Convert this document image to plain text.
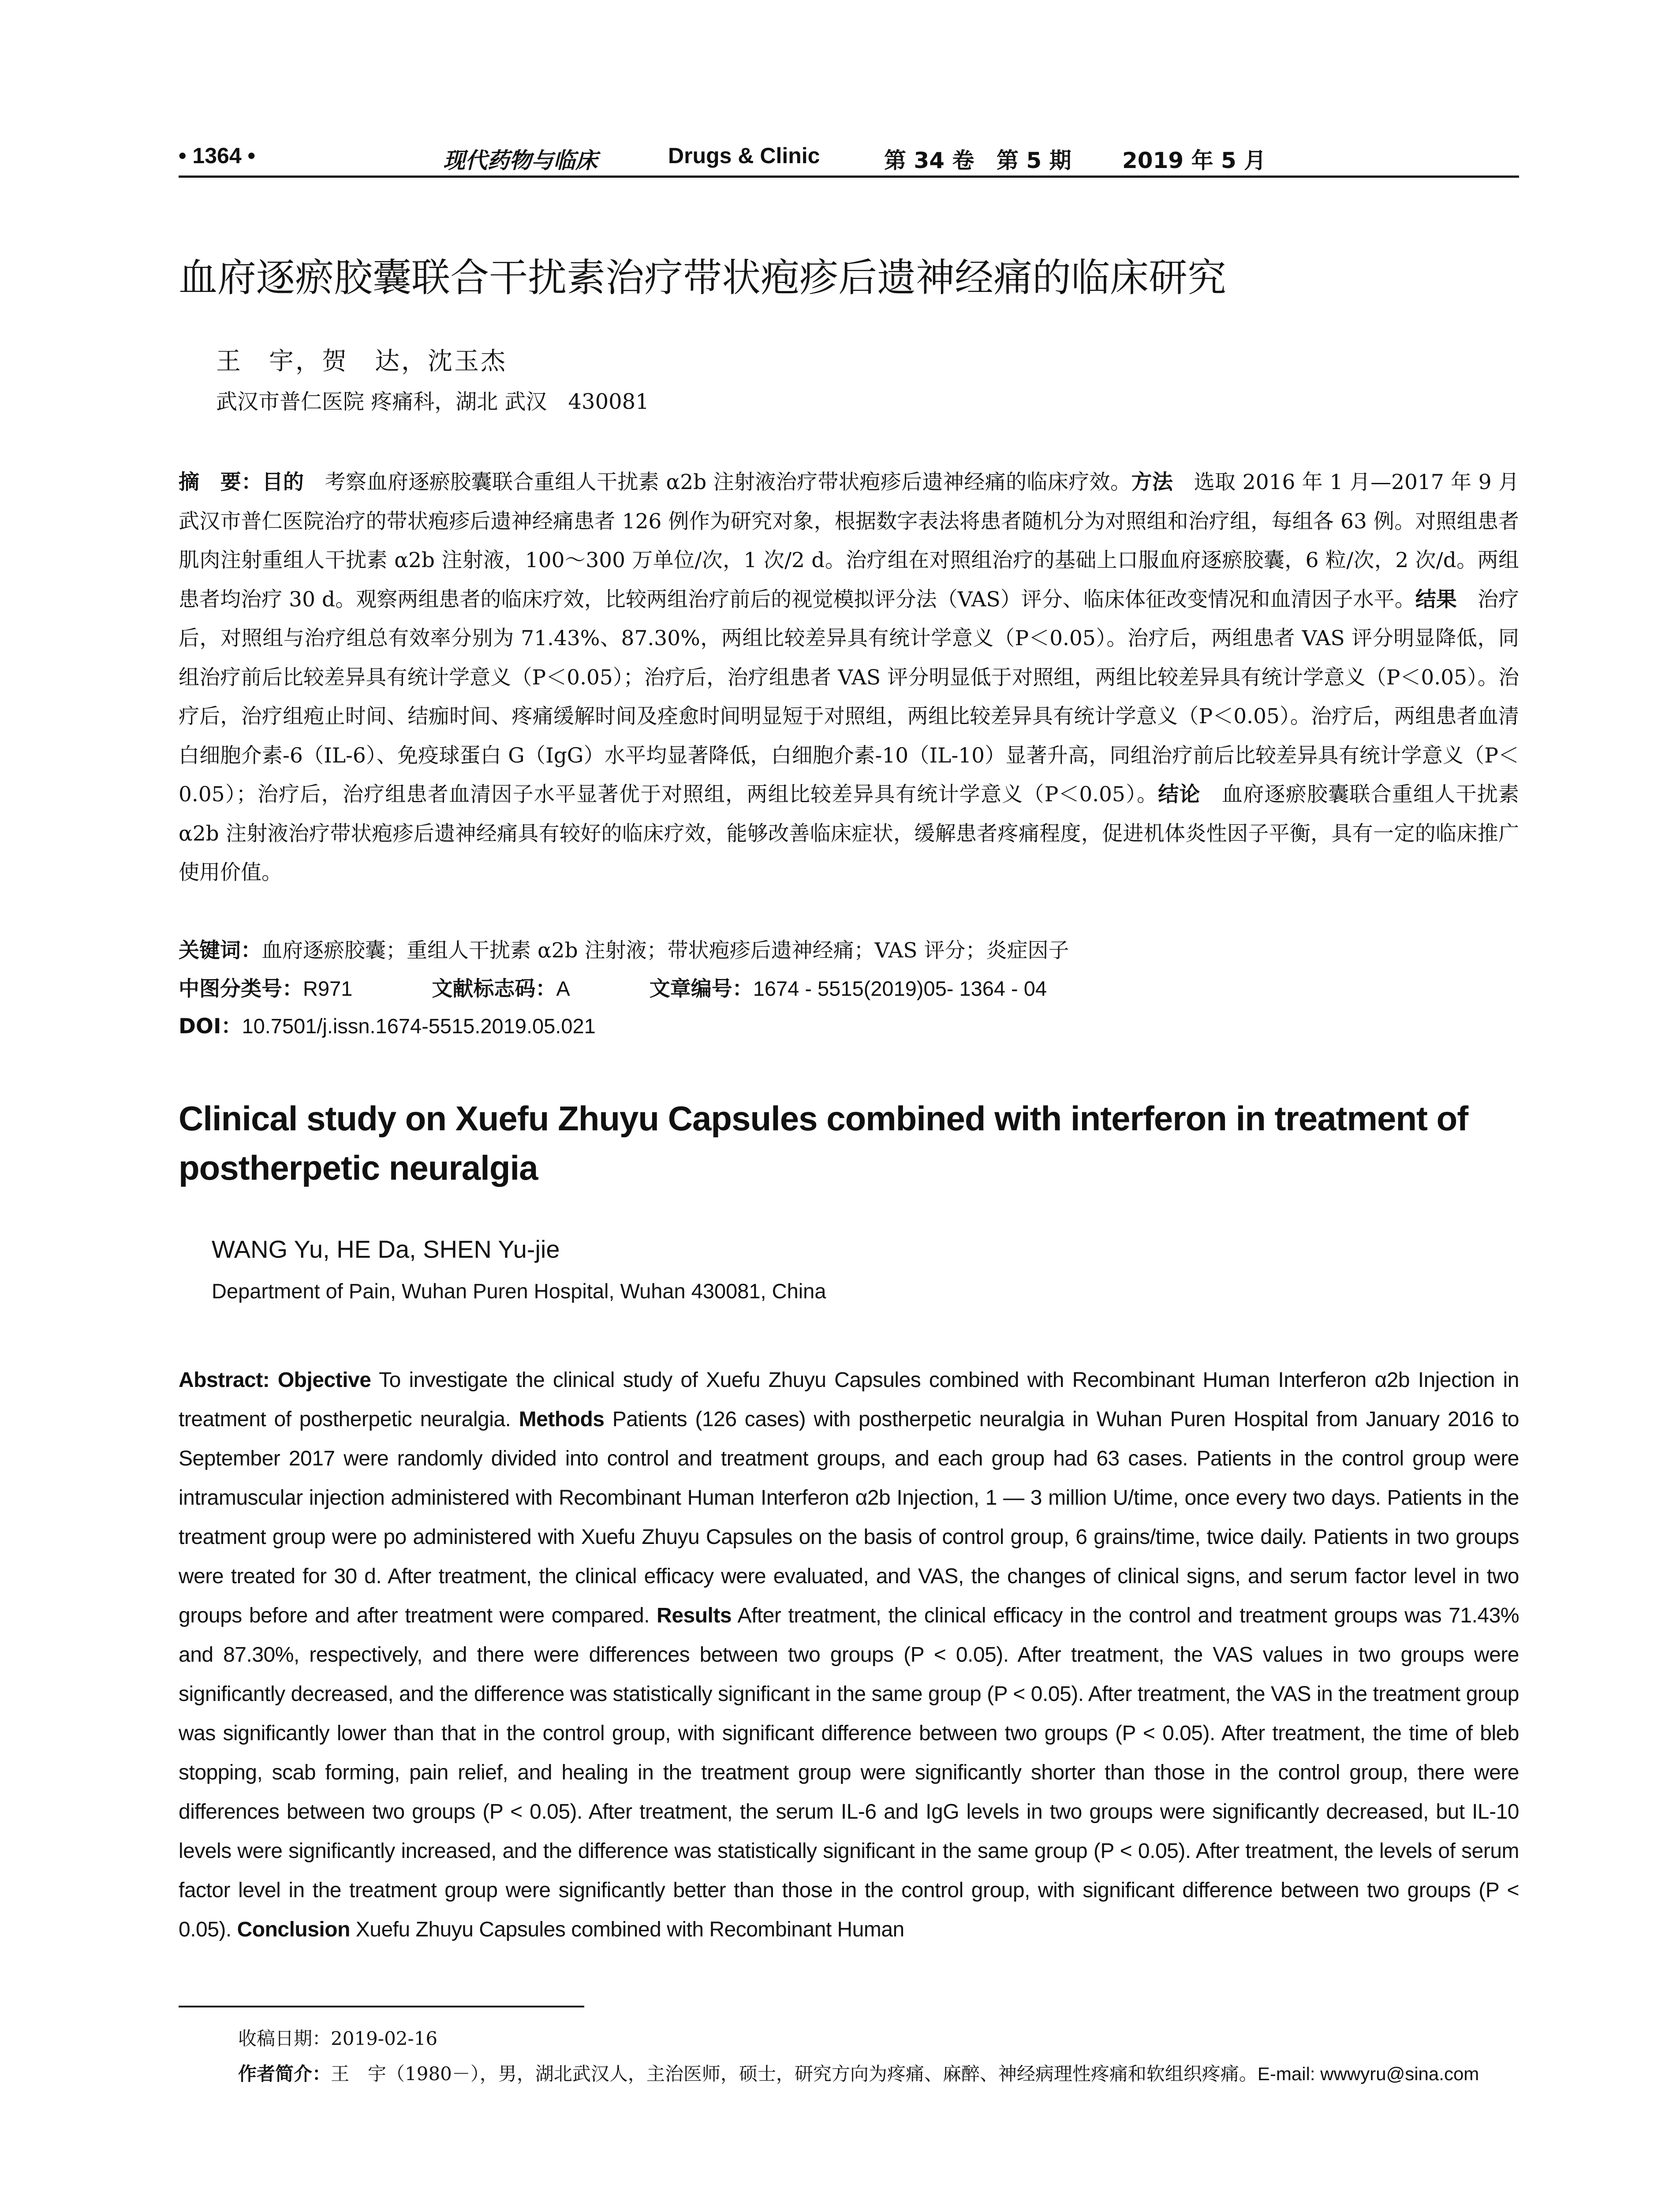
• 1364 •	现代药物与临床	Drugs & Clinic	第 34 卷 第 5 期 2019 年 5 月
血府逐瘀胶囊联合干扰素治疗带状疱疹后遗神经痛的临床研究
王　宇，贺　达，沈玉杰
武汉市普仁医院 疼痛科，湖北 武汉　430081
摘　要：目的　考察血府逐瘀胶囊联合重组人干扰素 α2b 注射液治疗带状疱疹后遗神经痛的临床疗效。方法　选取 2016 年 1 月—2017 年 9 月武汉市普仁医院治疗的带状疱疹后遗神经痛患者 126 例作为研究对象，根据数字表法将患者随机分为对照组和治疗组，每组各 63 例。对照组患者肌肉注射重组人干扰素 α2b 注射液，100～300 万单位/次，1 次/2 d。治疗组在对照组治疗的基础上口服血府逐瘀胶囊，6 粒/次，2 次/d。两组患者均治疗 30 d。观察两组患者的临床疗效，比较两组治疗前后的视觉模拟评分法（VAS）评分、临床体征改变情况和血清因子水平。结果　治疗后，对照组与治疗组总有效率分别为 71.43%、87.30%，两组比较差异具有统计学意义（P＜0.05）。治疗后，两组患者 VAS 评分明显降低，同组治疗前后比较差异具有统计学意义（P＜0.05）；治疗后，治疗组患者 VAS 评分明显低于对照组，两组比较差异具有统计学意义（P＜0.05）。治疗后，治疗组疱止时间、结痂时间、疼痛缓解时间及痊愈时间明显短于对照组，两组比较差异具有统计学意义（P＜0.05）。治疗后，两组患者血清白细胞介素-6（IL-6）、免疫球蛋白 G（IgG）水平均显著降低，白细胞介素-10（IL-10）显著升高，同组治疗前后比较差异具有统计学意义（P＜0.05）；治疗后，治疗组患者血清因子水平显著优于对照组，两组比较差异具有统计学意义（P＜0.05）。结论　血府逐瘀胶囊联合重组人干扰素 α2b 注射液治疗带状疱疹后遗神经痛具有较好的临床疗效，能够改善临床症状，缓解患者疼痛程度，促进机体炎性因子平衡，具有一定的临床推广使用价值。
关键词：血府逐瘀胶囊；重组人干扰素 α2b 注射液；带状疱疹后遗神经痛；VAS 评分；炎症因子
中图分类号：R971	文献标志码：A	文章编号：1674 - 5515(2019)05- 1364 - 04
DOI：10.7501/j.issn.1674-5515.2019.05.021
Clinical study on Xuefu Zhuyu Capsules combined with interferon in treatment of postherpetic neuralgia
WANG Yu, HE Da, SHEN Yu-jie
Department of Pain, Wuhan Puren Hospital, Wuhan 430081, China
Abstract: Objective To investigate the clinical study of Xuefu Zhuyu Capsules combined with Recombinant Human Interferon α2b Injection in treatment of postherpetic neuralgia. Methods Patients (126 cases) with postherpetic neuralgia in Wuhan Puren Hospital from January 2016 to September 2017 were randomly divided into control and treatment groups, and each group had 63 cases. Patients in the control group were intramuscular injection administered with Recombinant Human Interferon α2b Injection, 1 — 3 million U/time, once every two days. Patients in the treatment group were po administered with Xuefu Zhuyu Capsules on the basis of control group, 6 grains/time, twice daily. Patients in two groups were treated for 30 d. After treatment, the clinical efficacy were evaluated, and VAS, the changes of clinical signs, and serum factor level in two groups before and after treatment were compared. Results After treatment, the clinical efficacy in the control and treatment groups was 71.43% and 87.30%, respectively, and there were differences between two groups (P < 0.05). After treatment, the VAS values in two groups were significantly decreased, and the difference was statistically significant in the same group (P < 0.05). After treatment, the VAS in the treatment group was significantly lower than that in the control group, with significant difference between two groups (P < 0.05). After treatment, the time of bleb stopping, scab forming, pain relief, and healing in the treatment group were significantly shorter than those in the control group, there were differences between two groups (P < 0.05). After treatment, the serum IL-6 and IgG levels in two groups were significantly decreased, but IL-10 levels were significantly increased, and the difference was statistically significant in the same group (P < 0.05). After treatment, the levels of serum factor level in the treatment group were significantly better than those in the control group, with significant difference between two groups (P < 0.05). Conclusion Xuefu Zhuyu Capsules combined with Recombinant Human
收稿日期：2019-02-16
作者简介：王　宇（1980－），男，湖北武汉人，主治医师，硕士，研究方向为疼痛、麻醉、神经病理性疼痛和软组织疼痛。E-mail: wwwyru@sina.com
